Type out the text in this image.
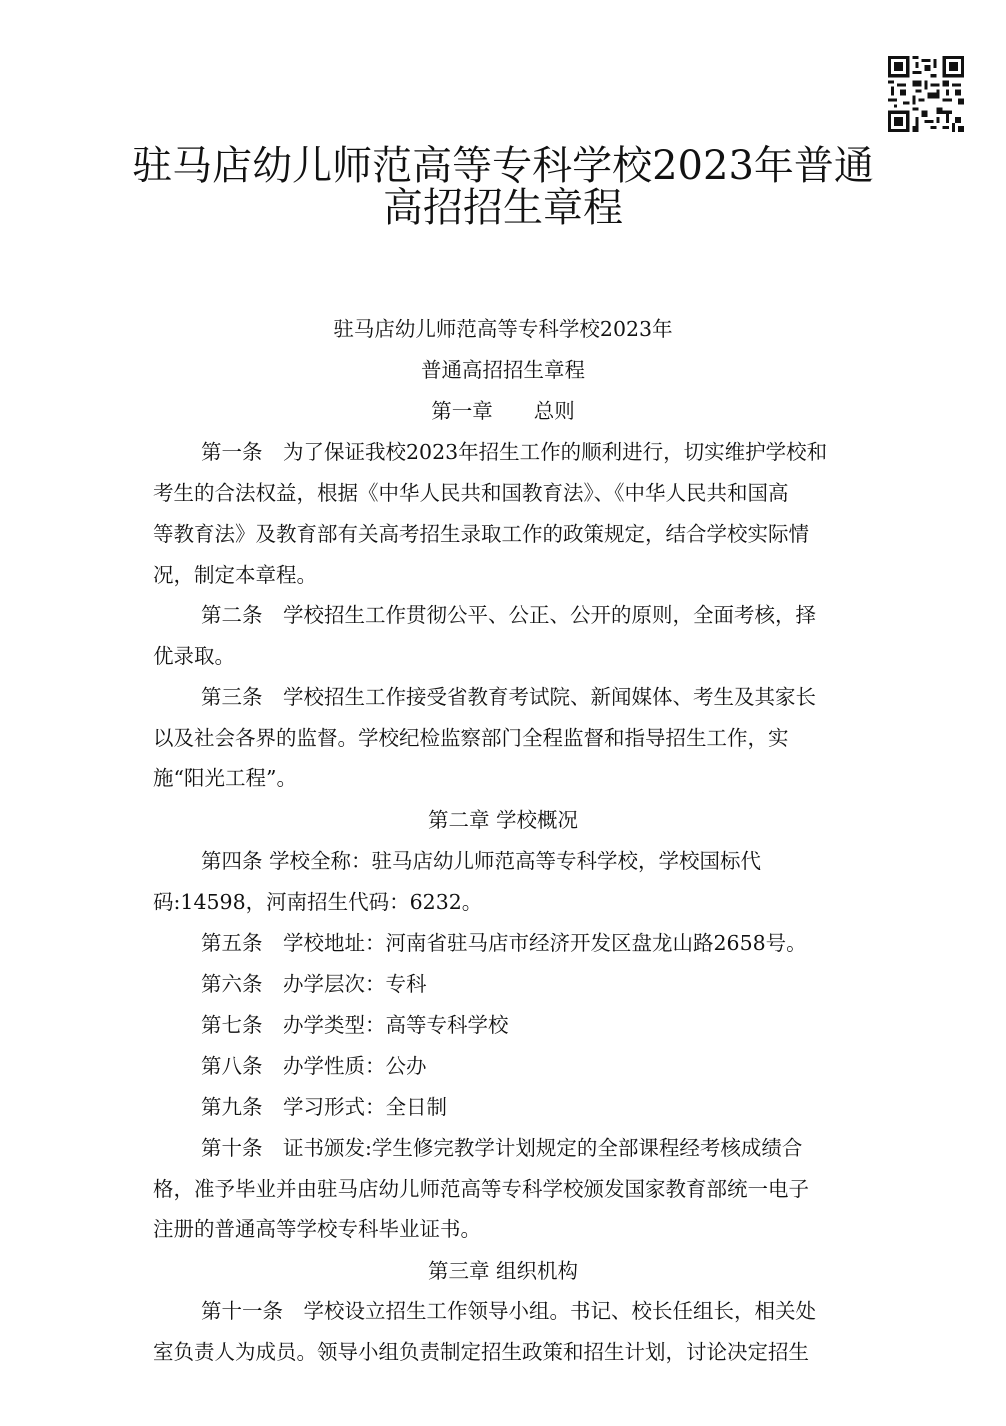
驻马店幼儿师范高等专科学校2023年普通
高招招生章程
驻马店幼儿师范高等专科学校2023年
普通高招招生章程
第一章　　总则
第一条　为了保证我校2023年招生工作的顺利进行，切实维护学校和
考生的合法权益，根据《中华人民共和国教育法》、《中华人民共和国高
等教育法》及教育部有关高考招生录取工作的政策规定，结合学校实际情
况，制定本章程。
第二条　学校招生工作贯彻公平、公正、公开的原则，全面考核，择
优录取。
第三条　学校招生工作接受省教育考试院、新闻媒体、考生及其家长
以及社会各界的监督。学校纪检监察部门全程监督和指导招生工作，实
施“阳光工程”。
第二章 学校概况
第四条 学校全称：驻马店幼儿师范高等专科学校，学校国标代
码:14598，河南招生代码：6232。
第五条　学校地址：河南省驻马店市经济开发区盘龙山路2658号。
第六条　办学层次：专科
第七条　办学类型：高等专科学校
第八条　办学性质：公办
第九条　学习形式：全日制
第十条　证书颁发:学生修完教学计划规定的全部课程经考核成绩合
格，准予毕业并由驻马店幼儿师范高等专科学校颁发国家教育部统一电子
注册的普通高等学校专科毕业证书。
第三章 组织机构
第十一条　学校设立招生工作领导小组。书记、校长任组长，相关处
室负责人为成员。领导小组负责制定招生政策和招生计划，讨论决定招生
